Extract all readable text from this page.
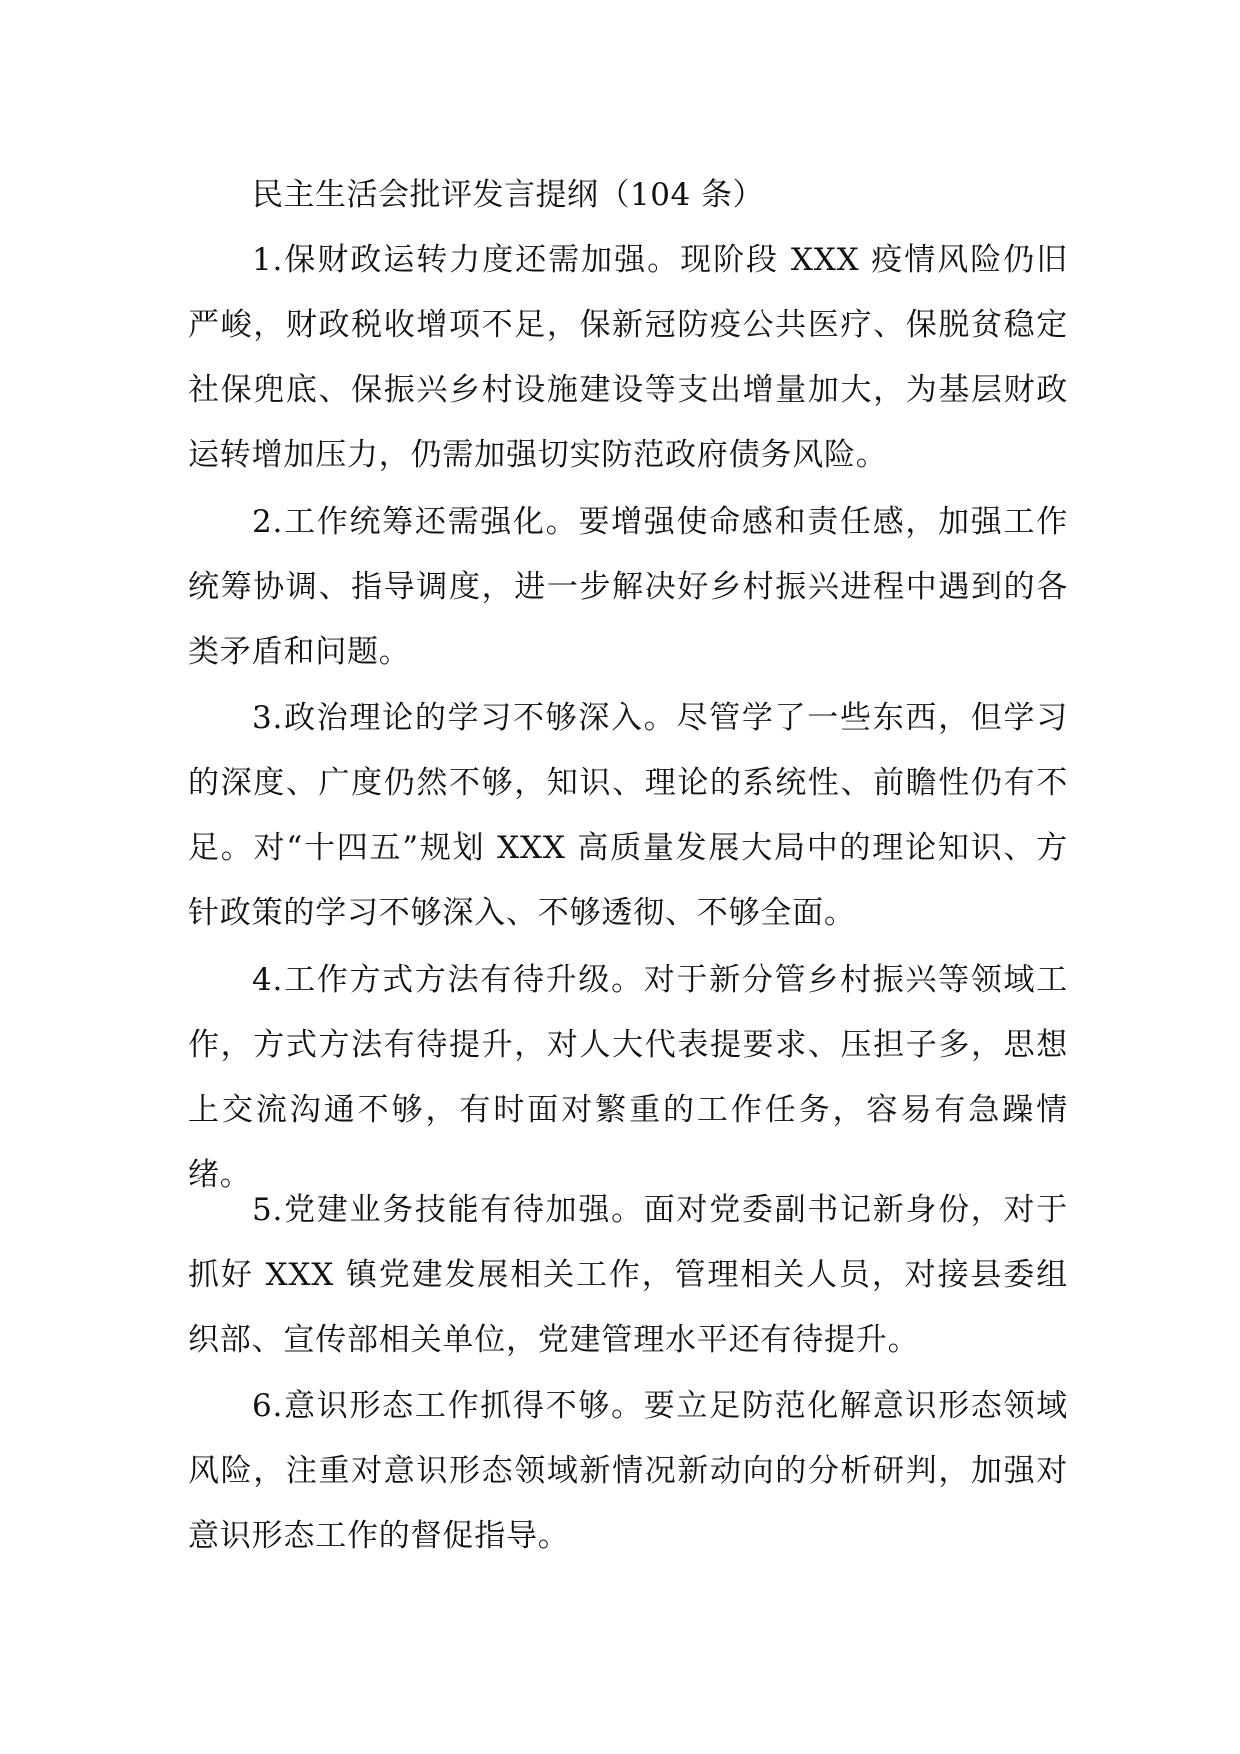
民主生活会批评发言提纲（104 条）

1.保财政运转力度还需加强。现阶段 XXX 疫情风险仍旧严峻，财政税收增项不足，保新冠防疫公共医疗、保脱贫稳定社保兜底、保振兴乡村设施建设等支出增量加大，为基层财政运转增加压力，仍需加强切实防范政府债务风险。

2.工作统筹还需强化。要增强使命感和责任感，加强工作统筹协调、指导调度，进一步解决好乡村振兴进程中遇到的各类矛盾和问题。

3.政治理论的学习不够深入。尽管学了一些东西，但学习的深度、广度仍然不够，知识、理论的系统性、前瞻性仍有不足。对“十四五”规划 XXX 高质量发展大局中的理论知识、方针政策的学习不够深入、不够透彻、不够全面。

4.工作方式方法有待升级。对于新分管乡村振兴等领域工作，方式方法有待提升，对人大代表提要求、压担子多，思想上交流沟通不够，有时面对繁重的工作任务，容易有急躁情绪。

5.党建业务技能有待加强。面对党委副书记新身份，对于抓好 XXX 镇党建发展相关工作，管理相关人员，对接县委组织部、宣传部相关单位，党建管理水平还有待提升。

6.意识形态工作抓得不够。要立足防范化解意识形态领域风险，注重对意识形态领域新情况新动向的分析研判，加强对意识形态工作的督促指导。
